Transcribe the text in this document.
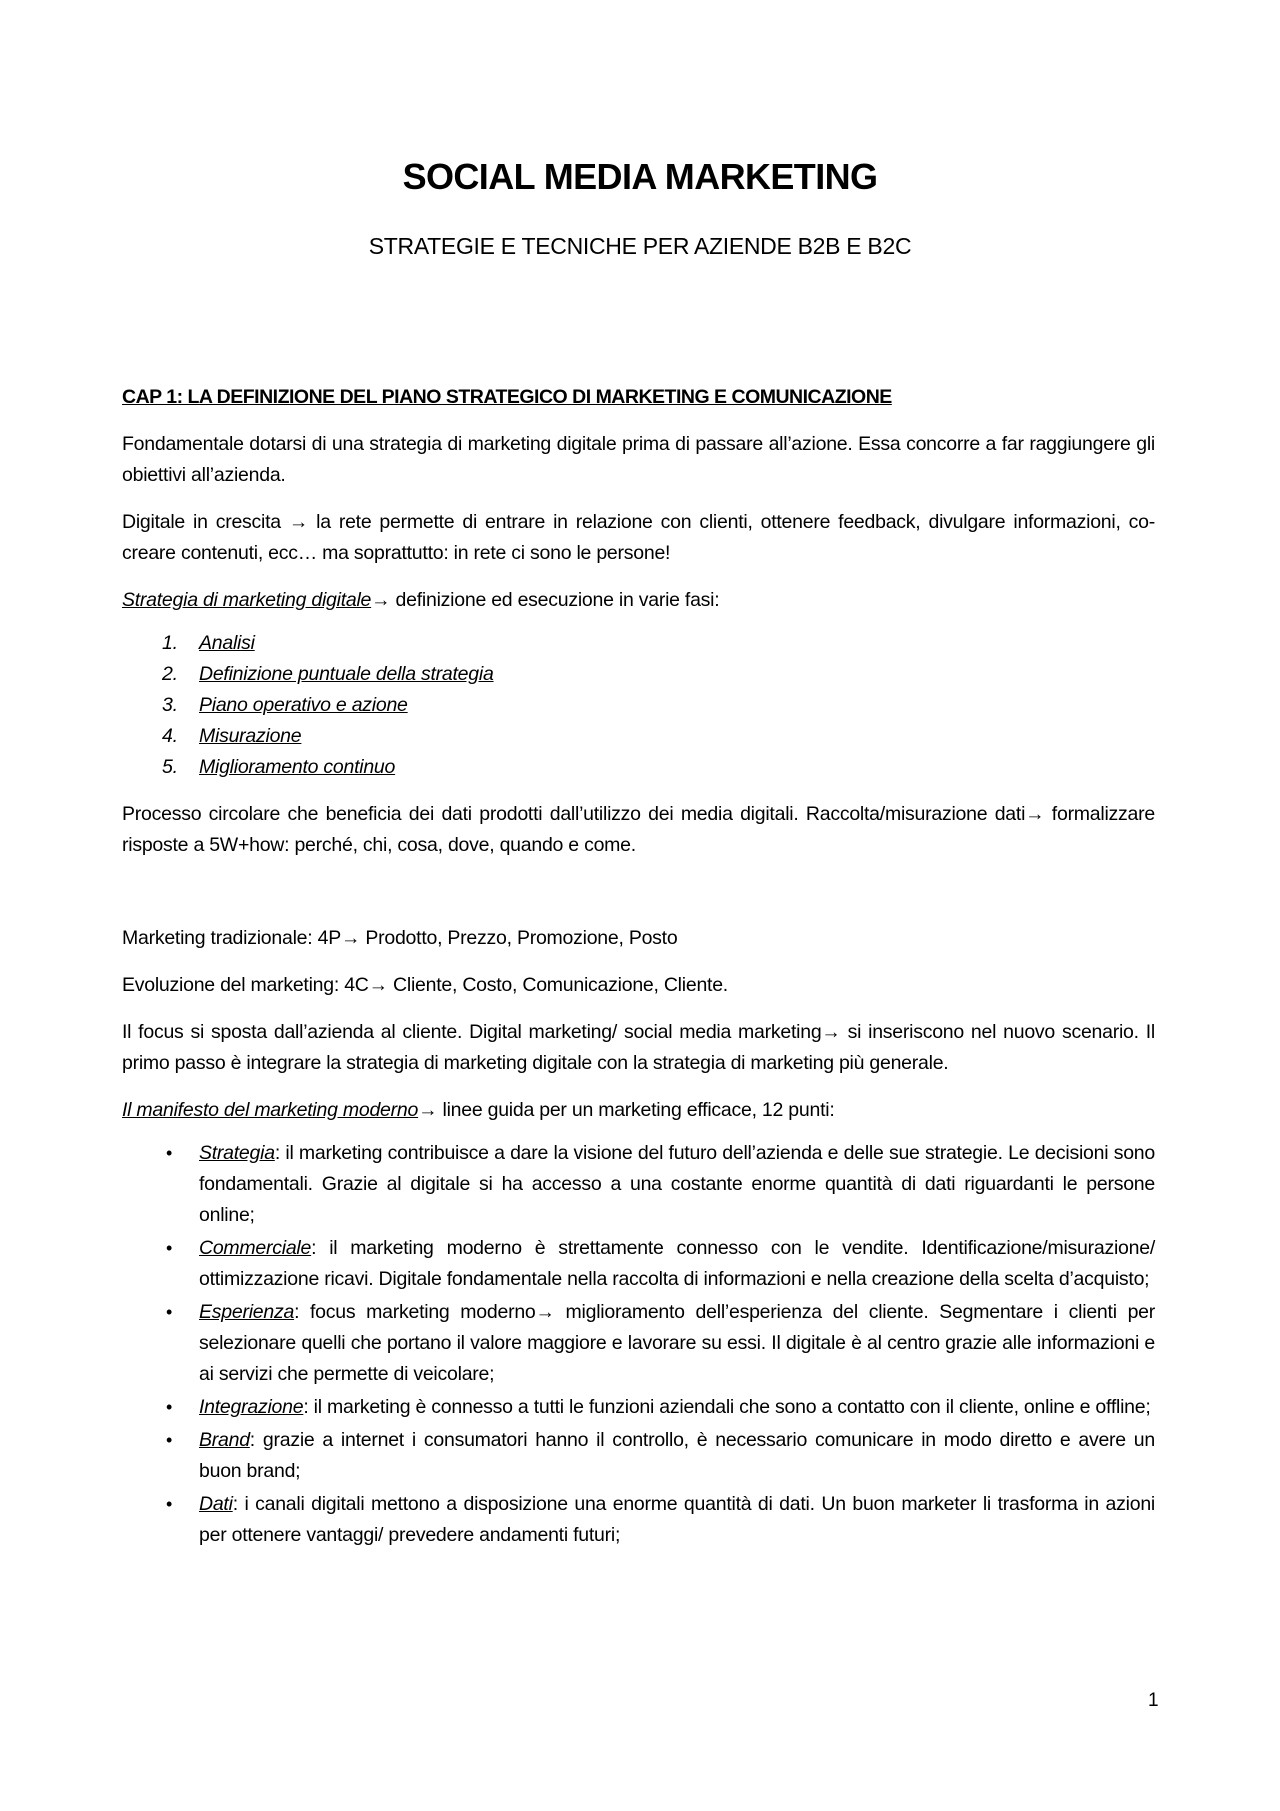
SOCIAL MEDIA MARKETING
STRATEGIE E TECNICHE PER AZIENDE B2B E B2C
CAP 1: LA DEFINIZIONE DEL PIANO STRATEGICO DI MARKETING E COMUNICAZIONE

Fondamentale dotarsi di una strategia di marketing digitale prima di passare all’azione. Essa concorre a far raggiungere gli obiettivi all’azienda.

Digitale in crescita → la rete permette di entrare in relazione con clienti, ottenere feedback, divulgare informazioni, co-creare contenuti, ecc… ma soprattutto: in rete ci sono le persone!

Strategia di marketing digitale→ definizione ed esecuzione in varie fasi:

1. Analisi
2. Definizione puntuale della strategia
3. Piano operativo e azione
4. Misurazione
5. Miglioramento continuo

Processo circolare che beneficia dei dati prodotti dall’utilizzo dei media digitali. Raccolta/misurazione dati→ formalizzare risposte a 5W+how: perché, chi, cosa, dove, quando e come.

Marketing tradizionale: 4P→ Prodotto, Prezzo, Promozione, Posto

Evoluzione del marketing: 4C→ Cliente, Costo, Comunicazione, Cliente.

Il focus si sposta dall’azienda al cliente. Digital marketing/ social media marketing→ si inseriscono nel nuovo scenario. Il primo passo è integrare la strategia di marketing digitale con la strategia di marketing più generale.

Il manifesto del marketing moderno→ linee guida per un marketing efficace, 12 punti:

• Strategia: il marketing contribuisce a dare la visione del futuro dell’azienda e delle sue strategie. Le decisioni sono fondamentali. Grazie al digitale si ha accesso a una costante enorme quantità di dati riguardanti le persone online;
• Commerciale: il marketing moderno è strettamente connesso con le vendite. Identificazione/misurazione/ ottimizzazione ricavi. Digitale fondamentale nella raccolta di informazioni e nella creazione della scelta d’acquisto;
• Esperienza: focus marketing moderno→ miglioramento dell’esperienza del cliente. Segmentare i clienti per selezionare quelli che portano il valore maggiore e lavorare su essi. Il digitale è al centro grazie alle informazioni e ai servizi che permette di veicolare;
• Integrazione: il marketing è connesso a tutti le funzioni aziendali che sono a contatto con il cliente, online e offline;
• Brand: grazie a internet i consumatori hanno il controllo, è necessario comunicare in modo diretto e avere un buon brand;
• Dati: i canali digitali mettono a disposizione una enorme quantità di dati. Un buon marketer li trasforma in azioni per ottenere vantaggi/ prevedere andamenti futuri;
1
